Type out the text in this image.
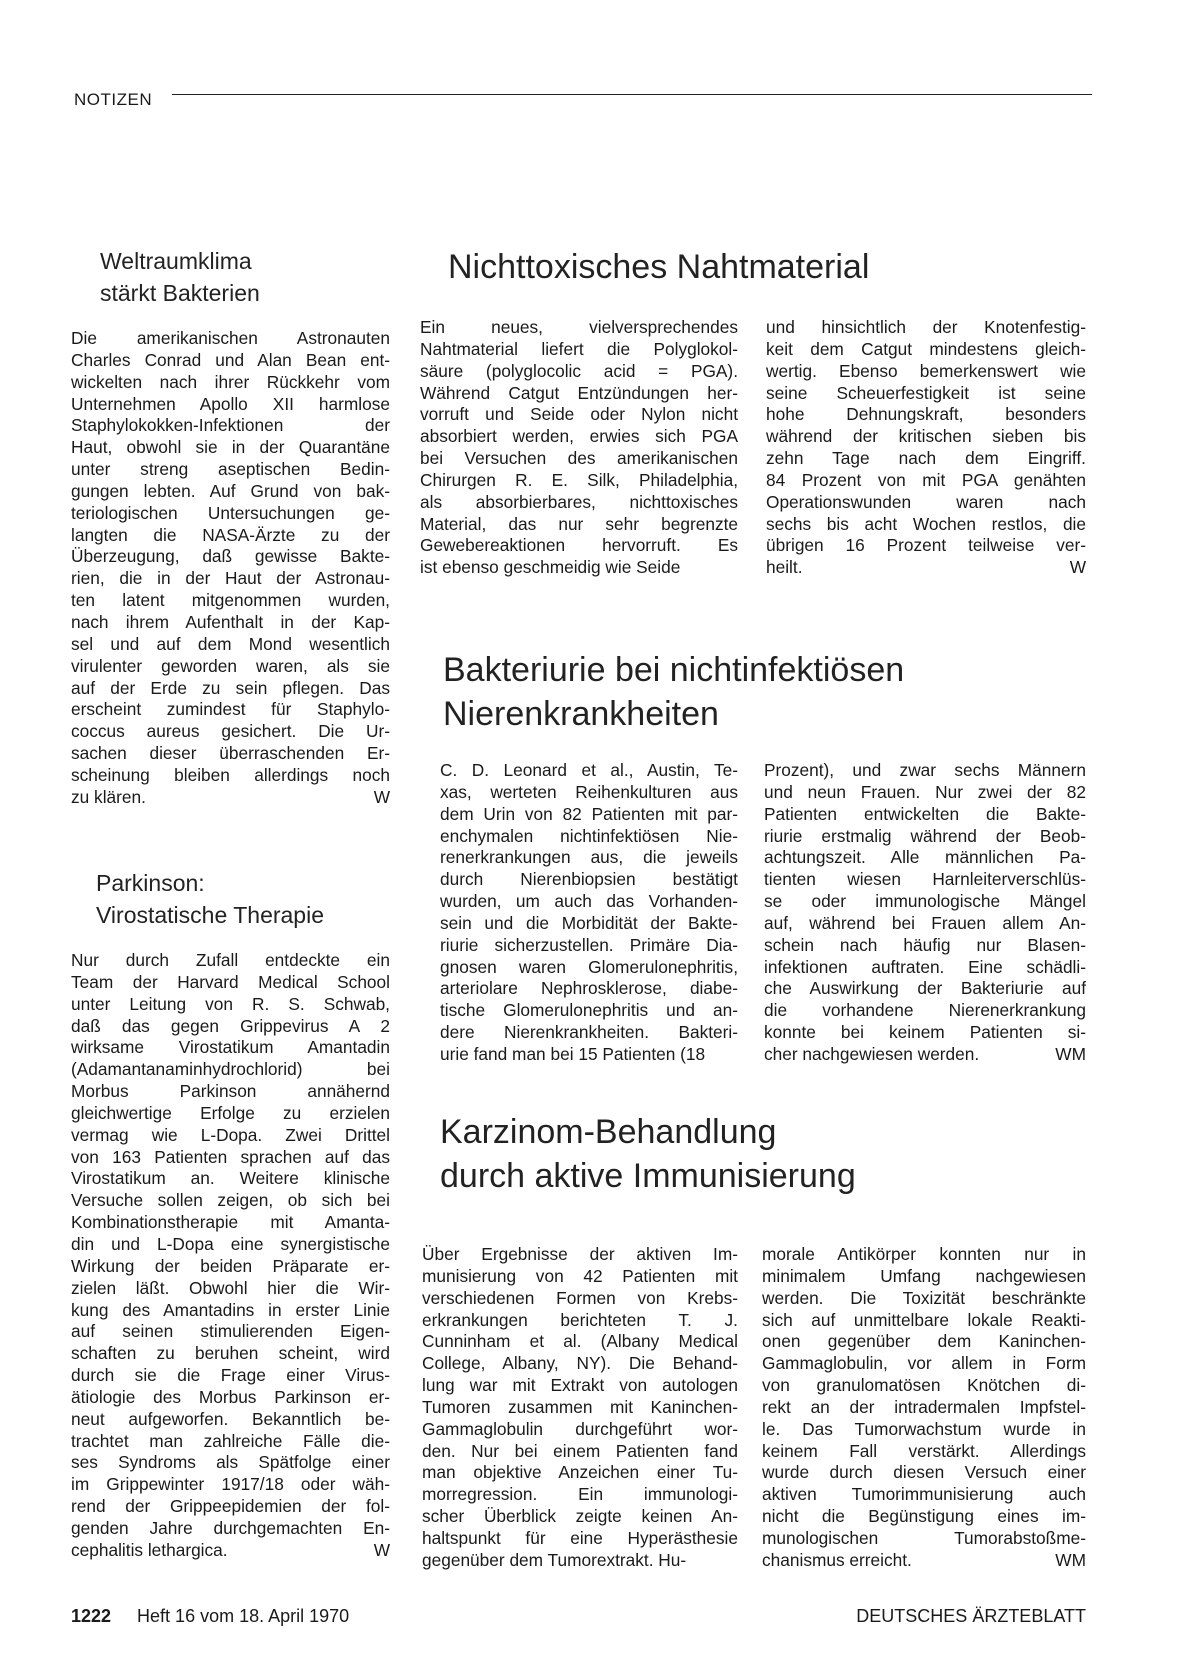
NOTIZEN
Weltraumklima
stärkt Bakterien
Die amerikanischen Astronauten
Charles Conrad und Alan Bean ent-
wickelten nach ihrer Rückkehr vom
Unternehmen Apollo XII harmlose
Staphylokokken-Infektionen der
Haut, obwohl sie in der Quarantäne
unter streng aseptischen Bedin-
gungen lebten. Auf Grund von bak-
teriologischen Untersuchungen ge-
langten die NASA-Ärzte zu der
Überzeugung, daß gewisse Bakte-
rien, die in der Haut der Astronau-
ten latent mitgenommen wurden,
nach ihrem Aufenthalt in der Kap-
sel und auf dem Mond wesentlich
virulenter geworden waren, als sie
auf der Erde zu sein pflegen. Das
erscheint zumindest für Staphylo-
coccus aureus gesichert. Die Ur-
sachen dieser überraschenden Er-
scheinung bleiben allerdings noch
zu klären.	W
Parkinson:
Virostatische Therapie
Nur durch Zufall entdeckte ein
Team der Harvard Medical School
unter Leitung von R. S. Schwab,
daß das gegen Grippevirus A 2
wirksame Virostatikum Amantadin
(Adamantanaminhydrochlorid) bei
Morbus Parkinson annähernd
gleichwertige Erfolge zu erzielen
vermag wie L-Dopa. Zwei Drittel
von 163 Patienten sprachen auf das
Virostatikum an. Weitere klinische
Versuche sollen zeigen, ob sich bei
Kombinationstherapie mit Amanta-
din und L-Dopa eine synergistische
Wirkung der beiden Präparate er-
zielen läßt. Obwohl hier die Wir-
kung des Amantadins in erster Linie
auf seinen stimulierenden Eigen-
schaften zu beruhen scheint, wird
durch sie die Frage einer Virus-
ätiologie des Morbus Parkinson er-
neut aufgeworfen. Bekanntlich be-
trachtet man zahlreiche Fälle die-
ses Syndroms als Spätfolge einer
im Grippewinter 1917/18 oder wäh-
rend der Grippeepidemien der fol-
genden Jahre durchgemachten En-
cephalitis lethargica.	W
Nichttoxisches Nahtmaterial
Ein neues, vielversprechendes
Nahtmaterial liefert die Polyglokol-
säure (polyglocolic acid = PGA).
Während Catgut Entzündungen her-
vorruft und Seide oder Nylon nicht
absorbiert werden, erwies sich PGA
bei Versuchen des amerikanischen
Chirurgen R. E. Silk, Philadelphia,
als absorbierbares, nichttoxisches
Material, das nur sehr begrenzte
Gewebereaktionen hervorruft. Es
ist ebenso geschmeidig wie Seide
und hinsichtlich der Knotenfestig-
keit dem Catgut mindestens gleich-
wertig. Ebenso bemerkenswert wie
seine Scheuerfestigkeit ist seine
hohe Dehnungskraft, besonders
während der kritischen sieben bis
zehn Tage nach dem Eingriff.
84 Prozent von mit PGA genähten
Operationswunden waren nach
sechs bis acht Wochen restlos, die
übrigen 16 Prozent teilweise ver-
heilt.	W
Bakteriurie bei nichtinfektiösen
Nierenkrankheiten
C. D. Leonard et al., Austin, Te-
xas, werteten Reihenkulturen aus
dem Urin von 82 Patienten mit par-
enchymalen nichtinfektiösen Nie-
renerkrankungen aus, die jeweils
durch Nierenbiopsien bestätigt
wurden, um auch das Vorhanden-
sein und die Morbidität der Bakte-
riurie sicherzustellen. Primäre Dia-
gnosen waren Glomerulonephritis,
arteriolare Nephrosklerose, diabe-
tische Glomerulonephritis und an-
dere Nierenkrankheiten. Bakteri-
urie fand man bei 15 Patienten (18
Prozent), und zwar sechs Männern
und neun Frauen. Nur zwei der 82
Patienten entwickelten die Bakte-
riurie erstmalig während der Beob-
achtungszeit. Alle männlichen Pa-
tienten wiesen Harnleiterverschlüs-
se oder immunologische Mängel
auf, während bei Frauen allem An-
schein nach häufig nur Blasen-
infektionen auftraten. Eine schädli-
che Auswirkung der Bakteriurie auf
die vorhandene Nierenerkrankung
konnte bei keinem Patienten si-
cher nachgewiesen werden.	WM
Karzinom-Behandlung
durch aktive Immunisierung
Über Ergebnisse der aktiven Im-
munisierung von 42 Patienten mit
verschiedenen Formen von Krebs-
erkrankungen berichteten T. J.
Cunninham et al. (Albany Medical
College, Albany, NY). Die Behand-
lung war mit Extrakt von autologen
Tumoren zusammen mit Kaninchen-
Gammaglobulin durchgeführt wor-
den. Nur bei einem Patienten fand
man objektive Anzeichen einer Tu-
morregression. Ein immunologi-
scher Überblick zeigte keinen An-
haltspunkt für eine Hyperästhesie
gegenüber dem Tumorextrakt. Hu-
morale Antikörper konnten nur in
minimalem Umfang nachgewiesen
werden. Die Toxizität beschränkte
sich auf unmittelbare lokale Reakti-
onen gegenüber dem Kaninchen-
Gammaglobulin, vor allem in Form
von granulomatösen Knötchen di-
rekt an der intradermalen Impfstel-
le. Das Tumorwachstum wurde in
keinem Fall verstärkt. Allerdings
wurde durch diesen Versuch einer
aktiven Tumorimmunisierung auch
nicht die Begünstigung eines im-
munologischen Tumorabstoßme-
chanismus erreicht.	WM
1222 Heft 16 vom 18. April 1970	DEUTSCHES ÄRZTEBLATT
